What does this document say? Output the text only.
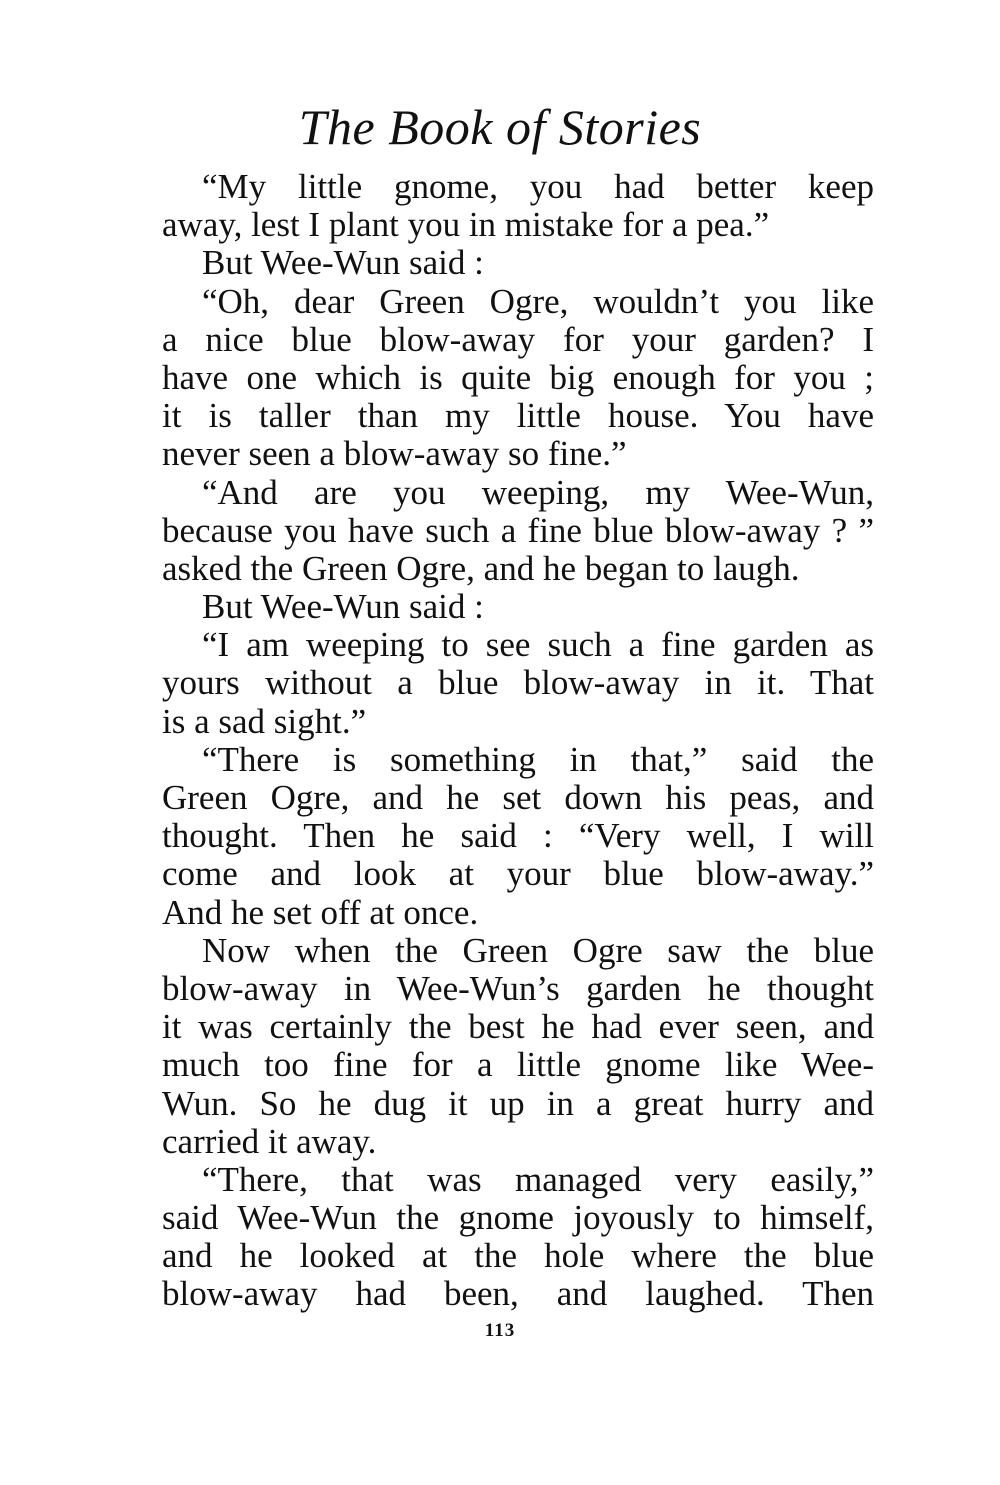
The Book of Stories
“My little gnome, you had better keep
away, lest I plant you in mistake for a pea.”
But Wee-Wun said :
“Oh, dear Green Ogre, wouldn’t you like
a nice blue blow-away for your garden? I
have one which is quite big enough for you ;
it is taller than my little house. You have
never seen a blow-away so fine.”
“And are you weeping, my Wee-Wun,
because you have such a fine blue blow-away ? ”
asked the Green Ogre, and he began to laugh.
But Wee-Wun said :
“I am weeping to see such a fine garden as
yours without a blue blow-away in it. That
is a sad sight.”
“There is something in that,” said the
Green Ogre, and he set down his peas, and
thought. Then he said : “Very well, I will
come and look at your blue blow-away.”
And he set off at once.
Now when the Green Ogre saw the blue
blow-away in Wee-Wun’s garden he thought
it was certainly the best he had ever seen, and
much too fine for a little gnome like Wee-
Wun. So he dug it up in a great hurry and
carried it away.
“There, that was managed very easily,”
said Wee-Wun the gnome joyously to himself,
and he looked at the hole where the blue
blow-away had been, and laughed. Then
113
